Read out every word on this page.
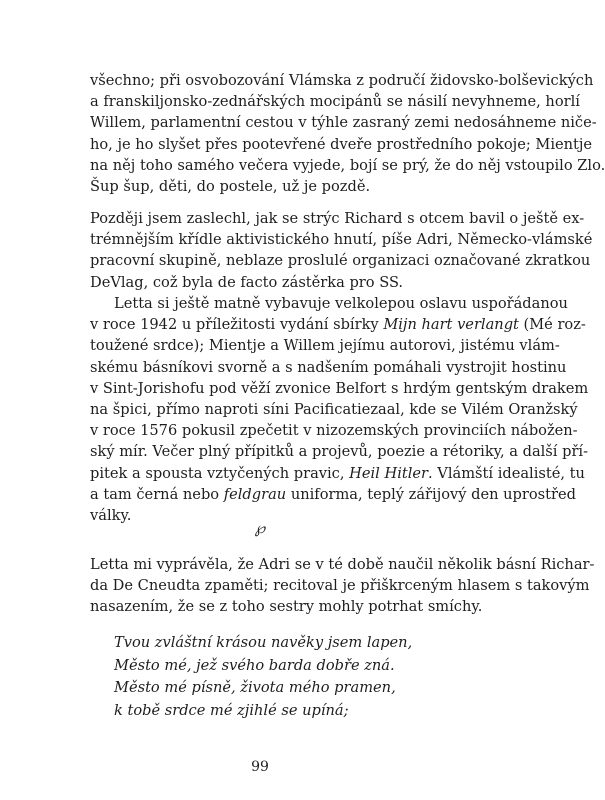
všechno; při osvobozování Vlámska z područí židovsko-bolševických
a franskiljonsko-zednářských mocipánů se násilí nevyhneme, horlí
Willem, parlamentní cestou v týhle zasraný zemi nedosáhneme niče-
ho, je ho slyšet přes pootevřené dveře prostředního pokoje; Mientje
na něj toho samého večera vyjede, bojí se prý, že do něj vstoupilo Zlo.
Šup šup, děti, do postele, už je pozdě.
Později jsem zaslechl, jak se strýc Richard s otcem bavil o ještě ex-
trémnějším křídle aktivistického hnutí, píše Adri, Německo-vlámské
pracovní skupině, neblaze proslulé organizaci označované zkratkou
DeVlag, což byla de facto zástěrka pro SS.
Letta si ještě matně vybavuje velkolepou oslavu uspořádanou
v roce 1942 u příležitosti vydání sbírky Mijn hart verlangt (Mé roz-
toužené srdce); Mientje a Willem jejímu autorovi, jistému vlám-
skému básníkovi svorně a s nadšením pomáhali vystrojit hostinu
v Sint-Jorishofu pod věží zvonice Belfort s hrdým gentským drakem
na špici, přímo naproti síni Pacificatiezaal, kde se Vilém Oranžský
v roce 1576 pokusil zpečetit v nizozemských provinciích nábožen-
ský mír. Večer plný přípitků a projevů, poezie a rétoriky, a další pří-
pitek a spousta vztyčených pravic, Heil Hitler. Vlámští idealisté, tu
a tam černá nebo feldgrau uniforma, teplý zářijový den uprostřed
války.
℘
Letta mi vyprávěla, že Adri se v té době naučil několik básní Richar-
da De Cneudta zpaměti; recitoval je přiškrceným hlasem s takovým
nasazením, že se z toho sestry mohly potrhat smíchy.
Tvou zvláštní krásou navěky jsem lapen,
Město mé, jež svého barda dobře zná.
Město mé písně, života mého pramen,
k tobě srdce mé zjihlé se upíná;
99
